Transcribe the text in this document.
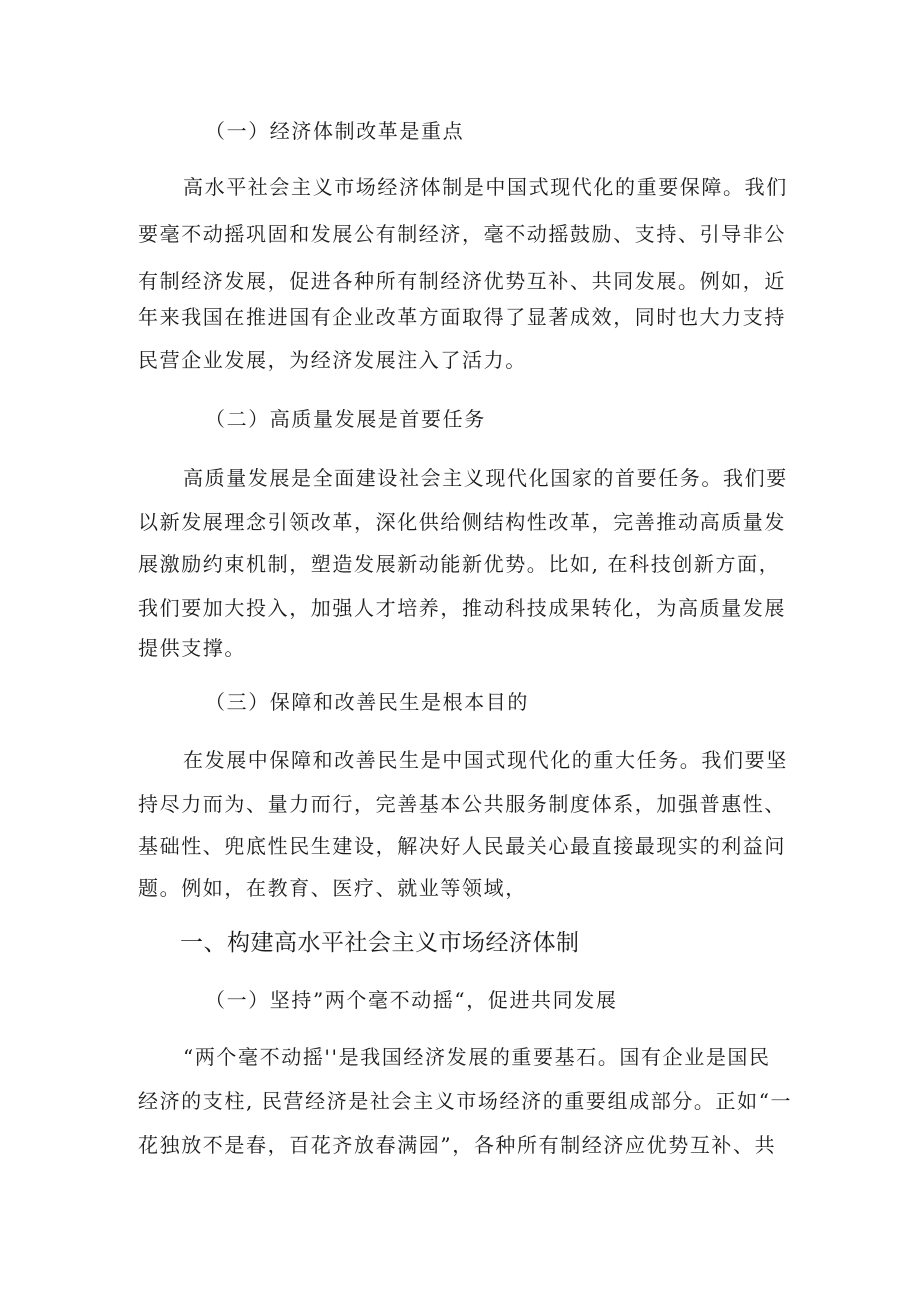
（一）经济体制改革是重点
高水平社会主义市场经济体制是中国式现代化的重要保障。我们
要毫不动摇巩固和发展公有制经济，毫不动摇鼓励、支持、引导非公
有制经济发展，促进各种所有制经济优势互补、共同发展。例如，近
年来我国在推进国有企业改革方面取得了显著成效，同时也大力支持
民营企业发展，为经济发展注入了活力。
（二）高质量发展是首要任务
高质量发展是全面建设社会主义现代化国家的首要任务。我们要
以新发展理念引领改革，深化供给侧结构性改革，完善推动高质量发
展激励约束机制，塑造发展新动能新优势。比如, 在科技创新方面，
我们要加大投入，加强人才培养，推动科技成果转化，为高质量发展
提供支撑。
（三）保障和改善民生是根本目的
在发展中保障和改善民生是中国式现代化的重大任务。我们要坚
持尽力而为、量力而行，完善基本公共服务制度体系，加强普惠性、
基础性、兜底性民生建设，解决好人民最关心最直接最现实的利益问
题。例如，在教育、医疗、就业等领域，
一、构建高水平社会主义市场经济体制
（一）坚持”两个毫不动摇“，促进共同发展
“两个毫不动摇''是我国经济发展的重要基石。国有企业是国民
经济的支柱, 民营经济是社会主义市场经济的重要组成部分。正如“一
花独放不是春，百花齐放春满园”，各种所有制经济应优势互补、共
